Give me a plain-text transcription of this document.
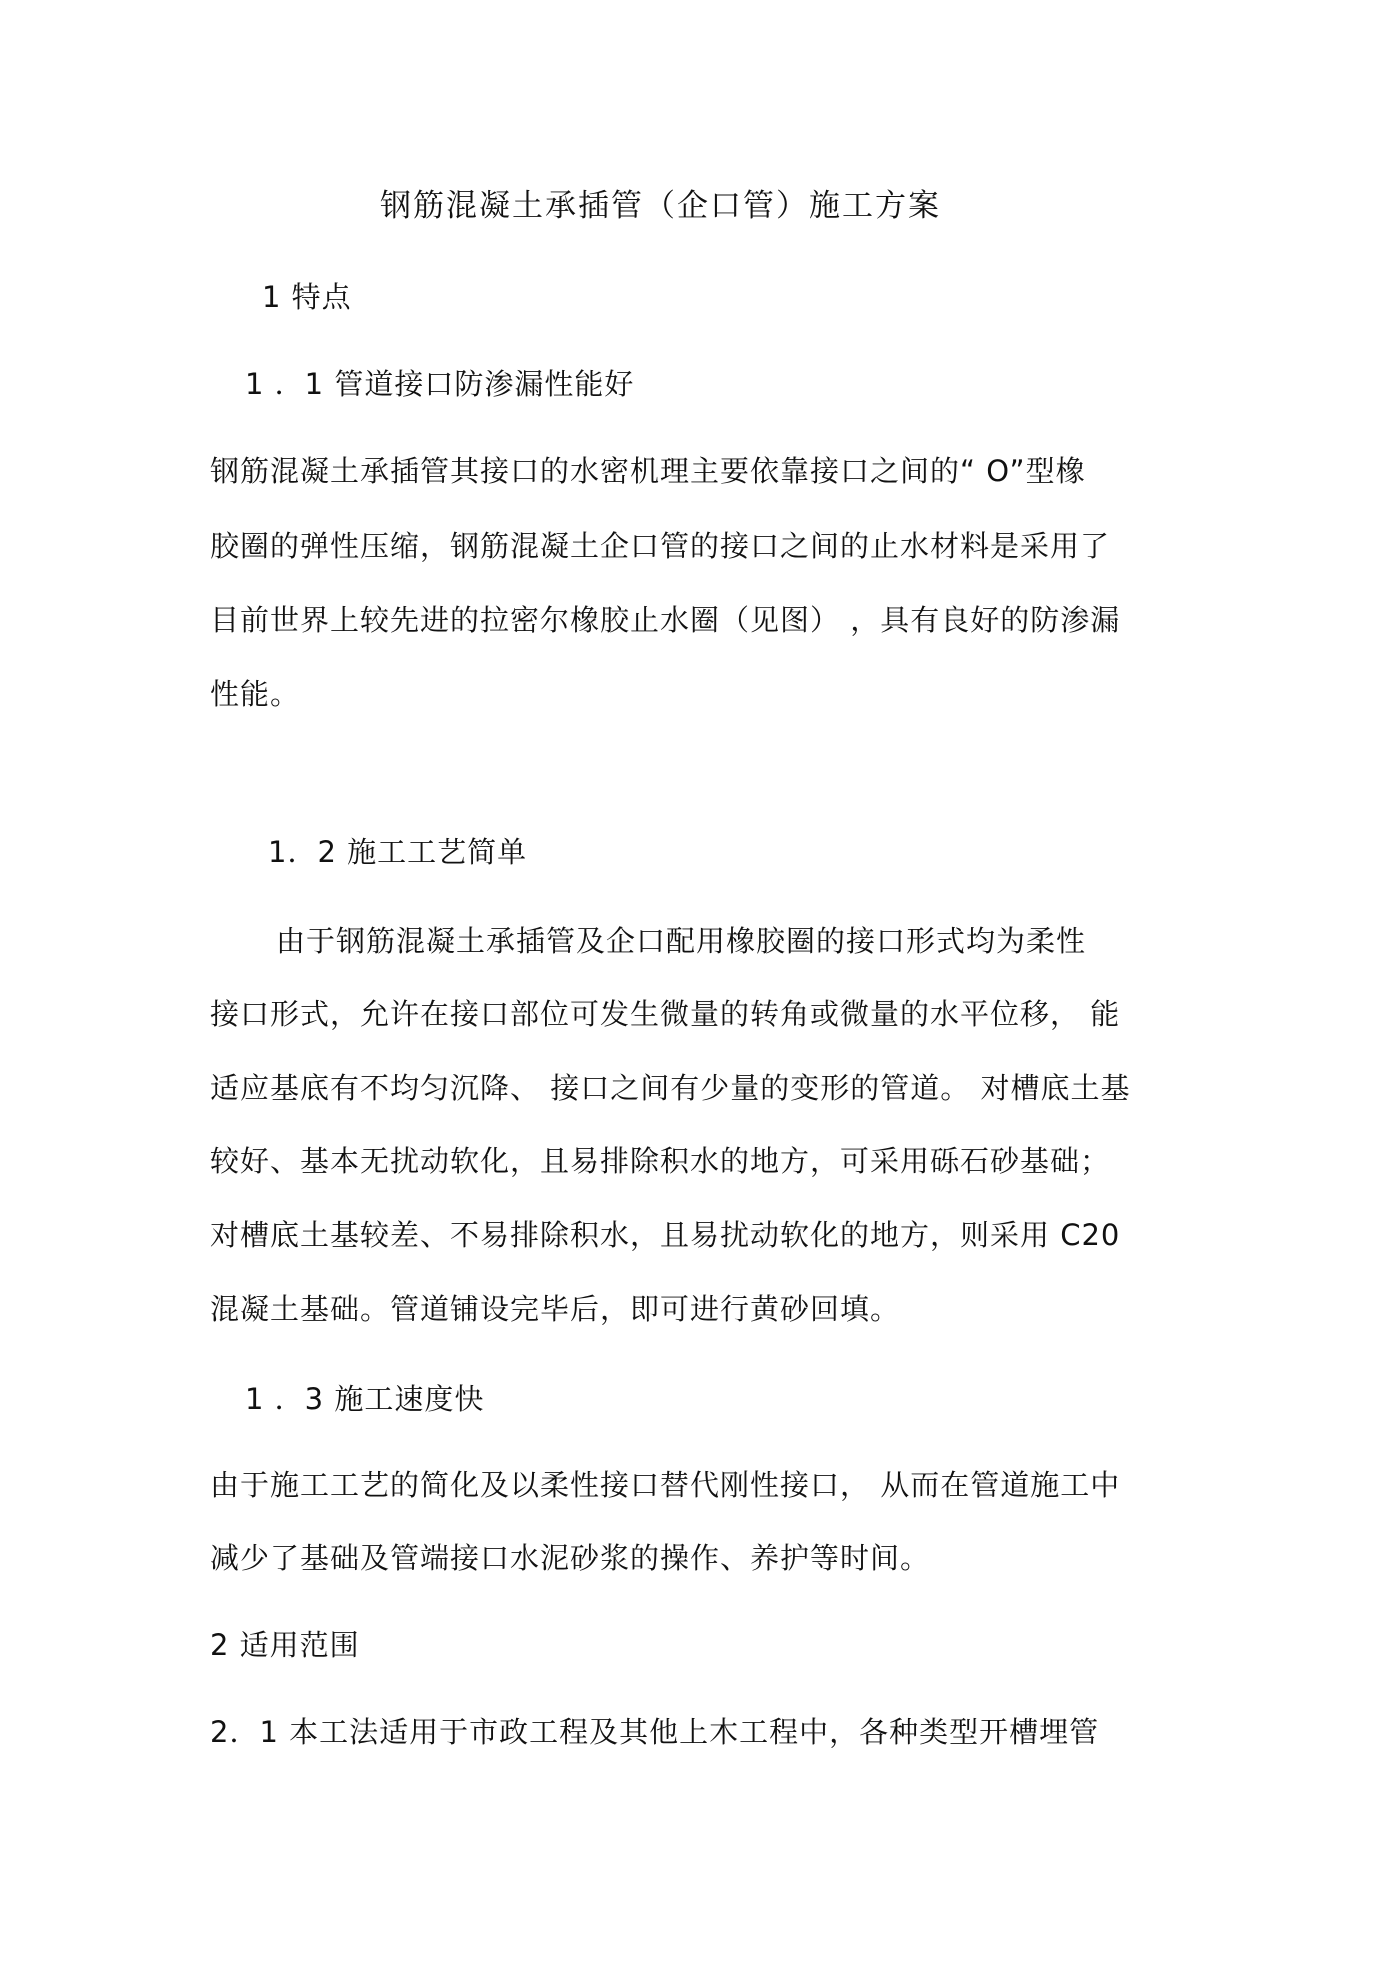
钢筋混凝土承插管（企口管）施工方案
1 特点
1 ．1 管道接口防渗漏性能好
钢筋混凝土承插管其接口的水密机理主要依靠接口之间的“ O”型橡
胶圈的弹性压缩，钢筋混凝土企口管的接口之间的止水材料是采用了
目前世界上较先进的拉密尔橡胶止水圈（见图） ，具有良好的防渗漏
性能。
1．2 施工工艺简单
由于钢筋混凝土承插管及企口配用橡胶圈的接口形式均为柔性
接口形式，允许在接口部位可发生微量的转角或微量的水平位移， 能
适应基底有不均匀沉降、 接口之间有少量的变形的管道。 对槽底土基
较好、基本无扰动软化，且易排除积水的地方，可采用砾石砂基础；
对槽底土基较差、不易排除积水，且易扰动软化的地方，则采用 C20
混凝土基础。管道铺设完毕后，即可进行黄砂回填。
1 ．3 施工速度快
由于施工工艺的简化及以柔性接口替代刚性接口， 从而在管道施工中
减少了基础及管端接口水泥砂浆的操作、养护等时间。
2 适用范围
2．1 本工法适用于市政工程及其他上木工程中，各种类型开槽埋管
